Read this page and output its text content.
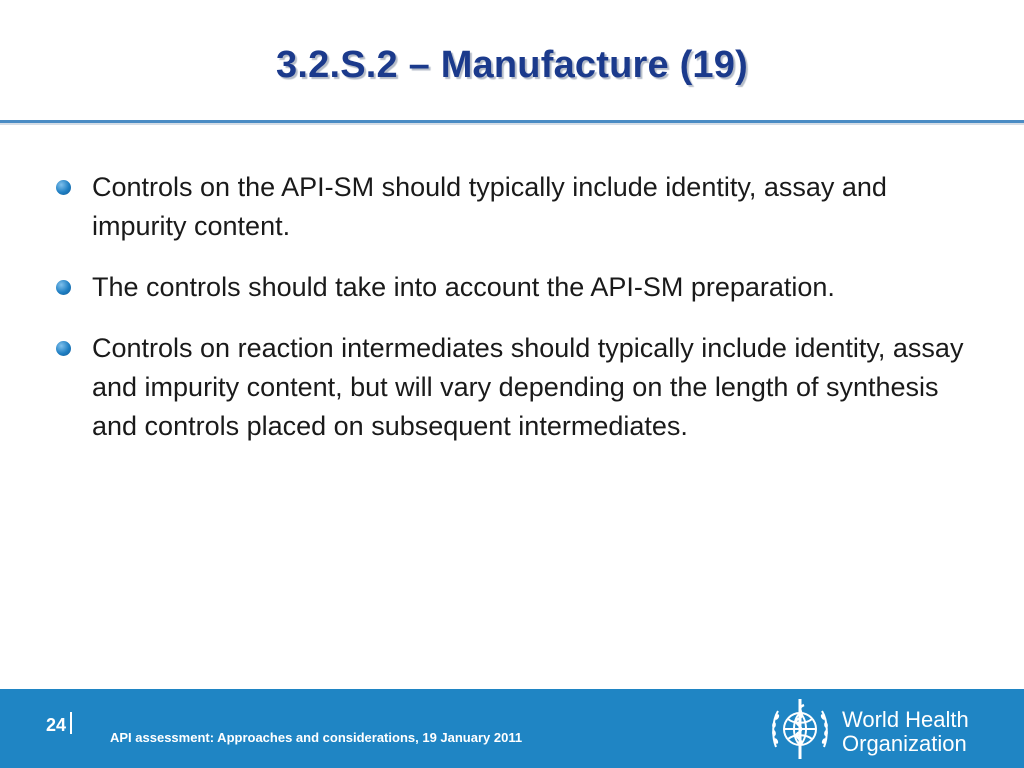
3.2.S.2 – Manufacture (19)
Controls on the API-SM should typically include identity, assay and impurity content.
The controls should take into account the API-SM preparation.
Controls on reaction intermediates should typically include identity, assay and impurity content, but will vary depending on the length of synthesis and controls placed on subsequent intermediates.
24
API assessment: Approaches and considerations, 19 January 2011
World Health
Organization
